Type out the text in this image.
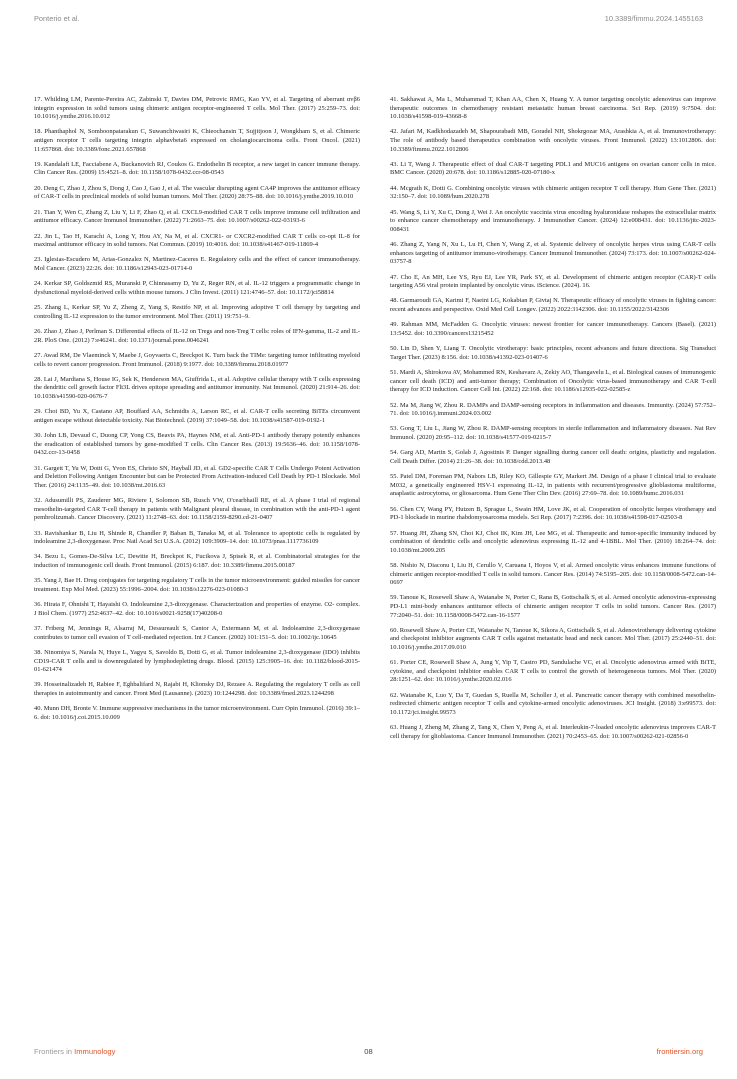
Ponterio et al.	10.3389/fimmu.2024.1455163

17. Whilding LM, Parente-Pereira AC, Zabinski T, Davies DM, Petrovic RMG, Kao YV, et al. Targeting of aberrant αvβ6 integrin expression in solid tumors using chimeric antigen receptor-engineered T cells. Mol Ther. (2017) 25:259–73. doi: 10.1016/j.ymthe.2016.10.012

18. Phanthaphol N, Somboonpatarakun C, Suwanchiwasiri K, Chieochansin T, Sujjitjoon J, Wongkham S, et al. Chimeric antigen receptor T cells targeting integrin alphavbeta6 expressed on cholangiocarcinoma cells. Front Oncol. (2021) 11:657868. doi: 10.3389/fonc.2021.657868

19. Kandalaft LE, Facciabene A, Buckanovich RJ, Coukos G. Endothelin B receptor, a new target in cancer immune therapy. Clin Cancer Res. (2009) 15:4521–8. doi: 10.1158/1078-0432.ccr-08-0543

20. Deng C, Zhao J, Zhou S, Dong J, Cao J, Gao J, et al. The vascular disrupting agent CA4P improves the antitumor efficacy of CAR-T cells in preclinical models of solid human tumors. Mol Ther. (2020) 28:75–88. doi: 10.1016/j.ymthe.2019.10.010

21. Tian Y, Wen C, Zhang Z, Liu Y, Li F, Zhao Q, et al. CXCL9-modified CAR T cells improve immune cell infiltration and antitumor efficacy. Cancer Immunol Immunother. (2022) 71:2663–75. doi: 10.1007/s00262-022-03193-6

22. Jin L, Tao H, Karachi A, Long Y, Hou AY, Na M, et al. CXCR1- or CXCR2-modified CAR T cells co-opt IL-8 for maximal antitumor efficacy in solid tumors. Nat Commun. (2019) 10:4016. doi: 10.1038/s41467-019-11869-4

23. Iglesias-Escudero M, Arias-Gonzalez N, Martinez-Caceres E. Regulatory cells and the effect of cancer immunotherapy. Mol Cancer. (2023) 22:26. doi: 10.1186/s12943-023-01714-0

24. Kerkar SP, Goldszmid RS, Muranski P, Chinnasamy D, Yu Z, Reger RN, et al. IL-12 triggers a programmatic change in dysfunctional myeloid-derived cells within mouse tumors. J Clin Invest. (2011) 121:4746–57. doi: 10.1172/jci58814

25. Zhang L, Kerkar SP, Yu Z, Zheng Z, Yang S, Restifo NP, et al. Improving adoptive T cell therapy by targeting and controlling IL-12 expression to the tumor environment. Mol Ther. (2011) 19:751–9.

26. Zhao J, Zhao J, Perlman S. Differential effects of IL-12 on Tregs and non-Treg T cells: roles of IFN-gamma, IL-2 and IL-2R. PloS One. (2012) 7:e46241. doi: 10.1371/journal.pone.0046241

27. Awad RM, De Vlaeminck Y, Maebe J, Goyvaerts C, Breckpot K. Turn back the TIMe: targeting tumor infiltrating myeloid cells to revert cancer progression. Front Immunol. (2018) 9:1977. doi: 10.3389/fimmu.2018.01977

28. Lai J, Mardiana S, House IG, Sek K, Henderson MA, Giuffrida L, et al. Adoptive cellular therapy with T cells expressing the dendritic cell growth factor Flt3L drives epitope spreading and antitumor immunity. Nat Immunol. (2020) 21:914–26. doi: 10.1038/s41590-020-0676-7

29. Choi BD, Yu X, Castano AP, Bouffard AA, Schmidts A, Larson RC, et al. CAR-T cells secreting BiTEs circumvent antigen escape without detectable toxicity. Nat Biotechnol. (2019) 37:1049–58. doi: 10.1038/s41587-019-0192-1

30. John LB, Devaud C, Duong CP, Yong CS, Beavis PA, Haynes NM, et al. Anti-PD-1 antibody therapy potently enhances the eradication of established tumors by gene-modified T cells. Clin Cancer Res. (2013) 19:5636–46. doi: 10.1158/1078-0432.ccr-13-0458

31. Gargett T, Yu W, Dotti G, Yvon ES, Christo SN, Hayball JD, et al. GD2-specific CAR T Cells Undergo Potent Activation and Deletion Following Antigen Encounter but can be Protected From Activation-induced Cell Death by PD-1 Blockade. Mol Ther. (2016) 24:1135–49. doi: 10.1038/mt.2016.63

32. Adusumilli PS, Zauderer MG, Riviere I, Solomon SB, Rusch VW, O'cearbhaill RE, et al. A phase I trial of regional mesothelin-targeted CAR T-cell therapy in patients with Malignant pleural disease, in combination with the anti-PD-1 agent pembrolizumab. Cancer Discovery. (2021) 11:2748–63. doi: 10.1158/2159-8290.cd-21-0407

33. Ravishankar B, Liu H, Shinde R, Chandler P, Baban B, Tanaka M, et al. Tolerance to apoptotic cells is regulated by indoleamine 2,3-dioxygenase. Proc Natl Acad Sci U.S.A. (2012) 109:3909–14. doi: 10.1073/pnas.1117736109

34. Bezu L, Gomes-De-Silva LC, Dewitte H, Breckpot K, Fucikova J, Spisek R, et al. Combinatorial strategies for the induction of immunogenic cell death. Front Immunol. (2015) 6:187. doi: 10.3389/fimmu.2015.00187

35. Yang J, Bae H. Drug conjugates for targeting regulatory T cells in the tumor microenvironment: guided missiles for cancer treatment. Exp Mol Med. (2023) 55:1996–2004. doi: 10.1038/s12276-023-01080-3

36. Hirata F, Ohnishi T, Hayaishi O. Indoleamine 2,3-dioxygenase. Characterization and properties of enzyme. O2- complex. J Biol Chem. (1977) 252:4637–42. doi: 10.1016/s0021-9258(17)40208-0

37. Friberg M, Jennings R, Alsarraj M, Dessureault S, Cantor A, Extermann M, et al. Indoleamine 2,3-dioxygenase contributes to tumor cell evasion of T cell-mediated rejection. Int J Cancer. (2002) 101:151–5. doi: 10.1002/ijc.10645

38. Ninomiya S, Narala N, Huye L, Yagyu S, Savoldo B, Dotti G, et al. Tumor indoleamine 2,3-dioxygenase (IDO) inhibits CD19-CAR T cells and is downregulated by lymphodepleting drugs. Blood. (2015) 125:3905–16. doi: 10.1182/blood-2015-01-621474

39. Hosseinalizadeh H, Rabiee F, Eghbalifard N, Rajabi H, Klionsky DJ, Rezaee A. Regulating the regulatory T cells as cell therapies in autoimmunity and cancer. Front Med (Lausanne). (2023) 10:1244298. doi: 10.3389/fmed.2023.1244298

40. Munn DH, Bronte V. Immune suppressive mechanisms in the tumor microenvironment. Curr Opin Immunol. (2016) 39:1–6. doi: 10.1016/j.coi.2015.10.009

41. Sakhawat A, Ma L, Muhammad T, Khan AA, Chen X, Huang Y. A tumor targeting oncolytic adenovirus can improve therapeutic outcomes in chemotherapy resistant metastatic human breast carcinoma. Sci Rep. (2019) 9:7504. doi: 10.1038/s41598-019-43668-8

42. Jafari M, Kadkhodazadeh M, Shapourabadi MB, Goradel NH, Shokrgozar MA, Arashkia A, et al. Immunovirotherapy: The role of antibody based therapeutics combination with oncolytic viruses. Front Immunol. (2022) 13:1012806. doi: 10.3389/fimmu.2022.1012806

43. Li T, Wang J. Therapeutic effect of dual CAR-T targeting PDL1 and MUC16 antigens on ovarian cancer cells in mice. BMC Cancer. (2020) 20:678. doi: 10.1186/s12885-020-07180-x

44. Mcgrath K, Dotti G. Combining oncolytic viruses with chimeric antigen receptor T cell therapy. Hum Gene Ther. (2021) 32:150–7. doi: 10.1089/hum.2020.278

45. Wang S, Li Y, Xu C, Dong J, Wei J. An oncolytic vaccinia virus encoding hyaluronidase reshapes the extracellular matrix to enhance cancer chemotherapy and immunotherapy. J Immunother Cancer. (2024) 12:e008431. doi: 10.1136/jitc-2023-008431

46. Zhang Z, Yang N, Xu L, Lu H, Chen Y, Wang Z, et al. Systemic delivery of oncolytic herpes virus using CAR-T cells enhances targeting of antitumor immuno-virotherapy. Cancer Immunol Immunother. (2024) 73:173. doi: 10.1007/s00262-024-03757-8

47. Cho E, An MH, Lee YS, Ryu EJ, Lee YR, Park SY, et al. Development of chimeric antigen receptor (CAR)-T cells targeting A56 viral protein implanted by oncolytic virus. iScience. (2024). 16.

48. Garmaroudi GA, Karimi F, Naeini LG, Kokabian P, Givtaj N. Therapeutic efficacy of oncolytic viruses in fighting cancer: recent advances and perspective. Oxid Med Cell Longev. (2022) 2022:3142306. doi: 10.1155/2022/3142306

49. Rahman MM, McFadden G. Oncolytic viruses: newest frontier for cancer immunotherapy. Cancers (Basel). (2021) 13:5452. doi: 10.3390/cancers13215452

50. Lin D, Shen Y, Liang T. Oncolytic virotherapy: basic principles, recent advances and future directions. Sig Transduct Target Ther. (2023) 8:156. doi: 10.1038/s41392-023-01407-6

51. Mardi A, Shirokova AV, Mohammed RN, Keshavarz A, Zekiy AO, Thangavelu L, et al. Biological causes of immunogenic cancer cell death (ICD) and anti-tumor therapy; Combination of Oncolytic virus-based immunotherapy and CAR T-cell therapy for ICD induction. Cancer Cell Int. (2022) 22:168. doi: 10.1186/s12935-022-02585-z

52. Ma M, Jiang W, Zhou R. DAMPs and DAMP-sensing receptors in inflammation and diseases. Immunity. (2024) 57:752–71. doi: 10.1016/j.immuni.2024.03.002

53. Gong T, Liu L, Jiang W, Zhou R. DAMP-sensing receptors in sterile inflammation and inflammatory diseases. Nat Rev Immunol. (2020) 20:95–112. doi: 10.1038/s41577-019-0215-7

54. Garg AD, Martin S, Golab J, Agostinis P. Danger signalling during cancer cell death: origins, plasticity and regulation. Cell Death Differ. (2014) 21:26–38. doi: 10.1038/cdd.2013.48

55. Patel DM, Foreman PM, Nabors LB, Riley KO, Gillespie GY, Markert JM. Design of a phase I clinical trial to evaluate M032, a genetically engineered HSV-1 expressing IL-12, in patients with recurrent/progressive glioblastoma multiforme, anaplastic astrocytoma, or gliosarcoma. Hum Gene Ther Clin Dev. (2016) 27:69–78. doi: 10.1089/humc.2016.031

56. Chen CY, Wang PY, Hutzen B, Sprague L, Swain HM, Love JK, et al. Cooperation of oncolytic herpes virotherapy and PD-1 blockade in murine rhabdomyosarcoma models. Sci Rep. (2017) 7:2396. doi: 10.1038/s41598-017-02503-8

57. Huang JH, Zhang SN, Choi KJ, Choi IK, Kim JH, Lee MG, et al. Therapeutic and tumor-specific immunity induced by combination of dendritic cells and oncolytic adenovirus expressing IL-12 and 4-1BBL. Mol Ther. (2010) 18:264–74. doi: 10.1038/mt.2009.205

58. Nishio N, Diaconu I, Liu H, Cerullo V, Caruana I, Hoyos V, et al. Armed oncolytic virus enhances immune functions of chimeric antigen receptor-modified T cells in solid tumors. Cancer Res. (2014) 74:5195–205. doi: 10.1158/0008-5472.can-14-0697

59. Tanoue K, Rosewell Shaw A, Watanabe N, Porter C, Rana B, Gottschalk S, et al. Armed oncolytic adenovirus-expressing PD-L1 mini-body enhances antitumor effects of chimeric antigen receptor T cells in solid tumors. Cancer Res. (2017) 77:2040–51. doi: 10.1158/0008-5472.can-16-1577

60. Rosewell Shaw A, Porter CE, Watanabe N, Tanoue K, Sikora A, Gottschalk S, et al. Adenovirotherapy delivering cytokine and checkpoint inhibitor augments CAR T cells against metastatic head and neck cancer. Mol Ther. (2017) 25:2440–51. doi: 10.1016/j.ymthe.2017.09.010

61. Porter CE, Rosewell Shaw A, Jung Y, Yip T, Castro PD, Sandulache VC, et al. Oncolytic adenovirus armed with BiTE, cytokine, and checkpoint inhibitor enables CAR T cells to control the growth of heterogeneous tumors. Mol Ther. (2020) 28:1251–62. doi: 10.1016/j.ymthe.2020.02.016

62. Watanabe K, Luo Y, Da T, Guedan S, Ruella M, Scholler J, et al. Pancreatic cancer therapy with combined mesothelin-redirected chimeric antigen receptor T cells and cytokine-armed oncolytic adenoviruses. JCI Insight. (2018) 3:e99573. doi: 10.1172/jci.insight.99573

63. Huang J, Zheng M, Zhang Z, Tang X, Chen Y, Peng A, et al. Interleukin-7-loaded oncolytic adenovirus improves CAR-T cell therapy for glioblastoma. Cancer Immunol Immunother. (2021) 70:2453–65. doi: 10.1007/s00262-021-02856-0

Frontiers in Immunology	08	frontiersin.org
